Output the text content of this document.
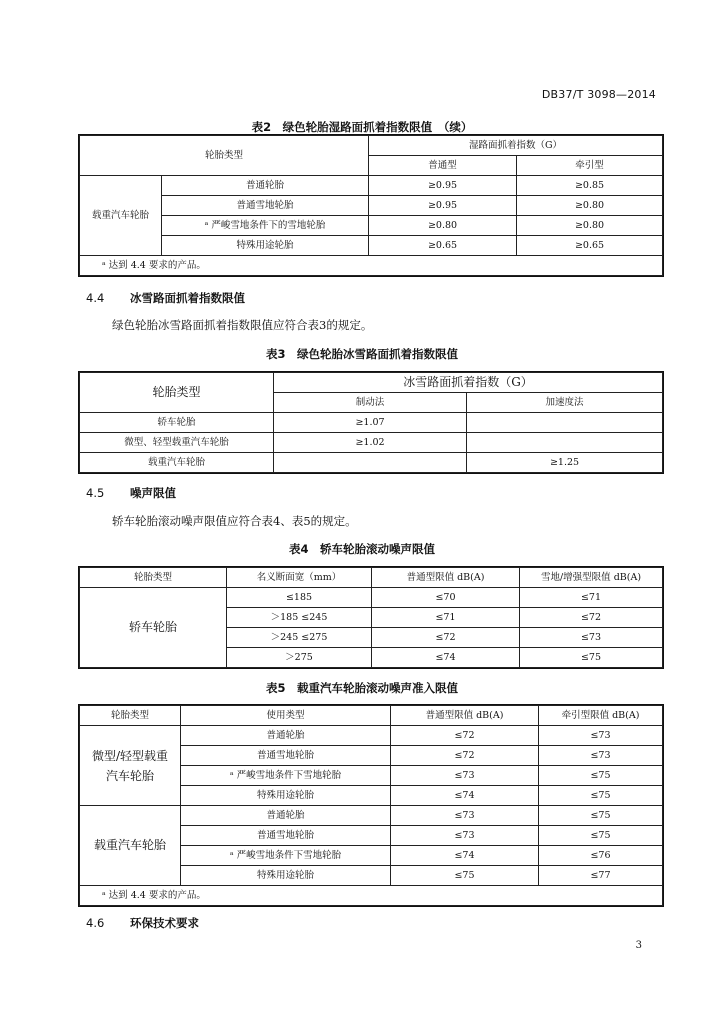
DB37/T 3098—2014
表2　绿色轮胎湿路面抓着指数限值　（续）
轮胎类型		湿路面抓着指数（G）	
		普通型	牵引型
载重汽车轮胎	普通轮胎	≥0.95	≥0.85
	普通雪地轮胎	≥0.95	≥0.80
	ᵃ 严峻雪地条件下的雪地轮胎	≥0.80	≥0.80
	特殊用途轮胎	≥0.65	≥0.65
ᵃ 达到 4.4 要求的产品。			
4.4 冰雪路面抓着指数限值
绿色轮胎冰雪路面抓着指数限值应符合表3的规定。
表3　绿色轮胎冰雪路面抓着指数限值
轮胎类型	冰雪路面抓着指数（G）	
	制动法	加速度法
轿车轮胎	≥1.07	
微型、轻型载重汽车轮胎	≥1.02	
载重汽车轮胎		≥1.25
4.5 噪声限值
轿车轮胎滚动噪声限值应符合表4、表5的规定。
表4　轿车轮胎滚动噪声限值
轮胎类型	名义断面宽（mm）	普通型限值 dB(A)	雪地/增强型限值 dB(A)
轿车轮胎	≤185	≤70	≤71
	＞185 ≤245	≤71	≤72
	＞245 ≤275	≤72	≤73
	＞275	≤74	≤75
表5　载重汽车轮胎滚动噪声准入限值
轮胎类型	使用类型	普通型限值 dB(A)	牵引型限值 dB(A)
微型/轻型载重汽车轮胎	普通轮胎	≤72	≤73
	普通雪地轮胎	≤72	≤73
	ᵃ 严峻雪地条件下雪地轮胎	≤73	≤75
	特殊用途轮胎	≤74	≤75
载重汽车轮胎	普通轮胎	≤73	≤75
	普通雪地轮胎	≤73	≤75
	ᵃ 严峻雪地条件下雪地轮胎	≤74	≤76
	特殊用途轮胎	≤75	≤77
ᵃ 达到 4.4 要求的产品。			
4.6 环保技术要求
3
